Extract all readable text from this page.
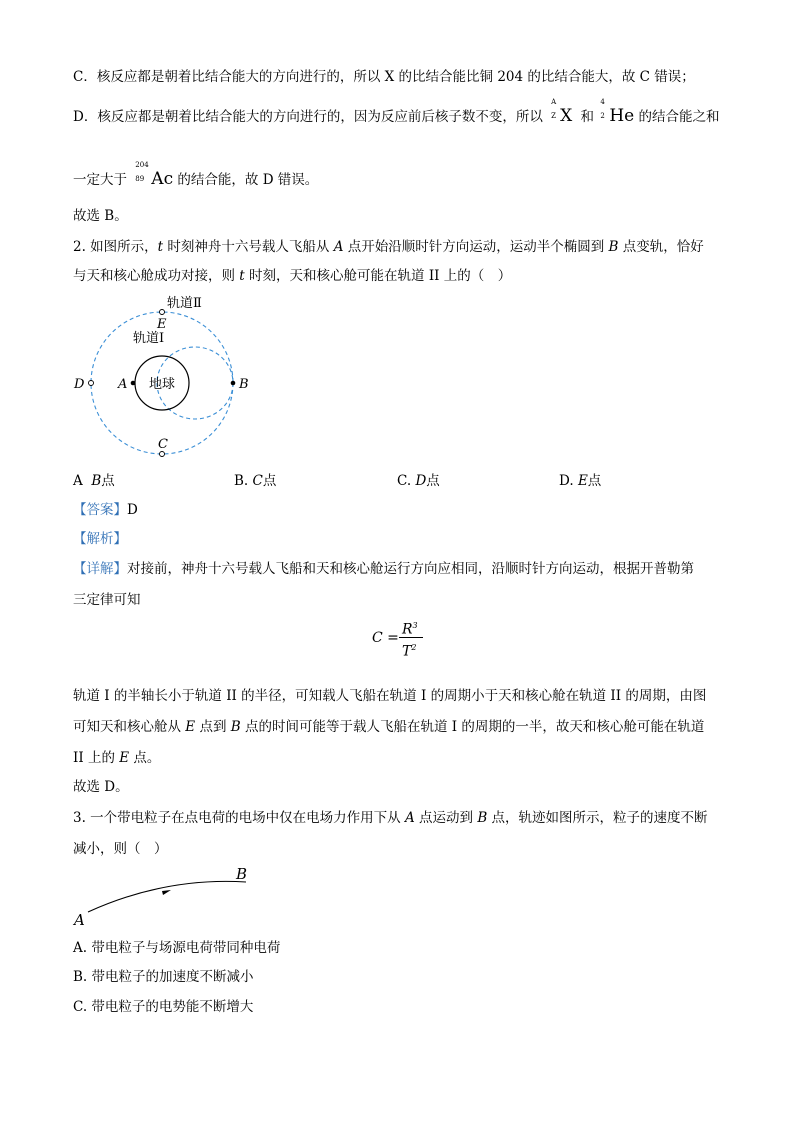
C．核反应都是朝着比结合能大的方向进行的，所以 X 的比结合能比铜 204 的比结合能大，故 C 错误；
D．核反应都是朝着比结合能大的方向进行的，因为反应前后核子数不变，所以
A
Z X 和
4
2 He 的结合能之和
一定大于
204
89 Ac 的结合能，故 D 错误。
故选 B。
2. 如图所示，t 时刻神舟十六号载人飞船从 A 点开始沿顺时针方向运动，运动半个椭圆到 B 点变轨，恰好
与天和核心舱成功对接，则 t 时刻，天和核心舱可能在轨道 II 上的（　）
地球
轨道Ⅱ
轨道Ⅰ
E
D	A	B
C
A B点	B. C点	C. D点	D. E点
【答案】D
【解析】
【详解】对接前，神舟十六号载人飞船和天和核心舱运行方向应相同，沿顺时针方向运动，根据开普勒第
三定律可知
C =
$R^3$
$T^2$
轨道 I 的半轴长小于轨道 II 的半径，可知载人飞船在轨道 I 的周期小于天和核心舱在轨道 II 的周期，由图
可知天和核心舱从 E 点到 B 点的时间可能等于载人飞船在轨道 I 的周期的一半，故天和核心舱可能在轨道
II 上的 E 点。
故选 D。
3. 一个带电粒子在点电荷的电场中仅在电场力作用下从 A 点运动到 B 点，轨迹如图所示，粒子的速度不断
减小，则（　）
A
B
A. 带电粒子与场源电荷带同种电荷
B. 带电粒子的加速度不断减小
C. 带电粒子的电势能不断增大
